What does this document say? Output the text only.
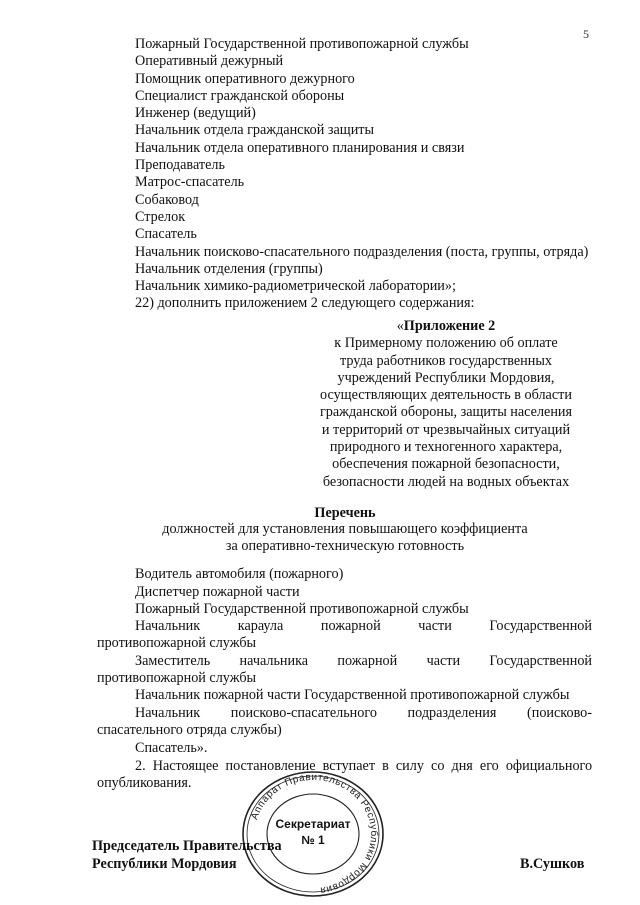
5
Пожарный Государственной противопожарной службы
Оперативный дежурный
Помощник оперативного дежурного
Специалист гражданской обороны
Инженер (ведущий)
Начальник отдела гражданской защиты
Начальник отдела оперативного планирования и связи
Преподаватель
Матрос-спасатель
Собаковод
Стрелок
Спасатель
Начальник поисково-спасательного подразделения (поста, группы, отряда)
Начальник отделения (группы)
Начальник химико-радиометрической лаборатории»;
22) дополнить приложением 2 следующего содержания:
«Приложение 2
к Примерному положению об оплате
труда работников государственных
учреждений Республики Мордовия,
осуществляющих деятельность в области
гражданской обороны, защиты населения
и территорий от чрезвычайных ситуаций
природного и техногенного характера,
обеспечения пожарной безопасности,
безопасности людей на водных объектах
Перечень
должностей для установления повышающего коэффициента
за оперативно-техническую готовность
Водитель автомобиля (пожарного)
Диспетчер пожарной части
Пожарный Государственной противопожарной службы
Начальник	караула	пожарной	части	Государственной
противопожарной службы
Заместитель начальника пожарной части Государственной
противопожарной службы
Начальник пожарной части Государственной противопожарной службы
Начальник поисково-спасательного подразделения (поисково-
спасательного отряда службы)
Спасатель».
2. Настоящее постановление вступает в силу со дня его официального
опубликования.
Аппарат Правительства Республики Мордовия
Секретариат
№ 1
Председатель Правительства
Республики Мордовия	В.Сушков
